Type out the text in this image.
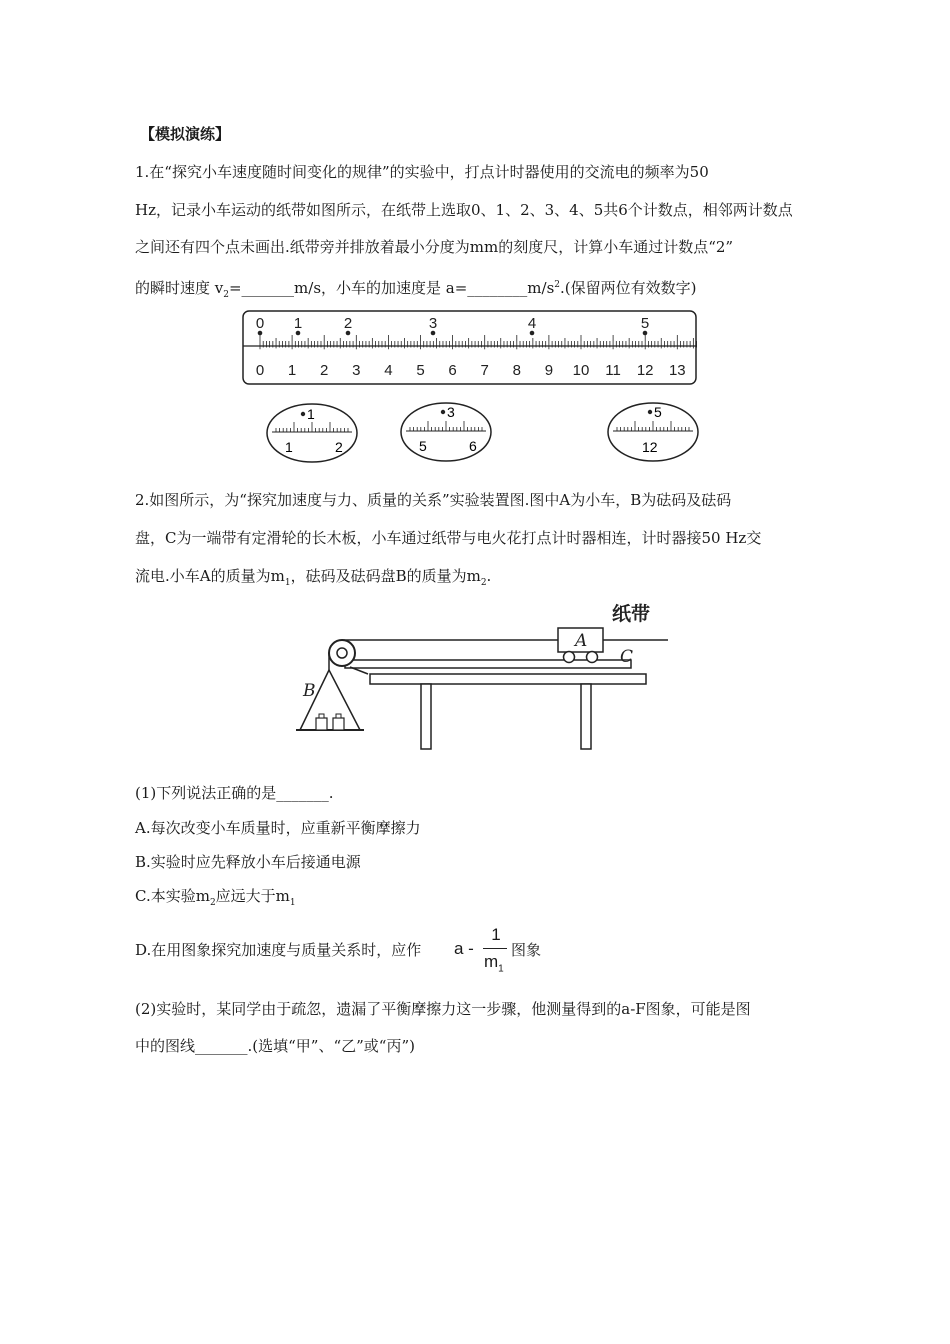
【模拟演练】
1.在“探究小车速度随时间变化的规律”的实验中，打点计时器使用的交流电的频率为50
Hz，记录小车运动的纸带如图所示，在纸带上选取0、1、2、3、4、5共6个计数点，相邻两计数点
之间还有四个点未画出.纸带旁并排放着最小分度为mm的刻度尺，计算小车通过计数点“2”
的瞬时速度 $v_2=\_\_\_\_\_\_\_m/s$，小车的加速度是 $a=\_\_\_\_\_\_\_\_m/s^2$.(保留两位有效数字)
0 1 2 3 4 5 6 7 8 9 10 11 12 13
0 1	2	3	4	5
1
1	2
3
5	6
5
12
2.如图所示，为“探究加速度与力、质量的关系”实验装置图.图中A为小车，B为砝码及砝码
盘，C为一端带有定滑轮的长木板，小车通过纸带与电火花打点计时器相连，计时器接50 Hz交
流电.小车A的质量为$m_1$，砝码及砝码盘B的质量为$m_2$.
纸带
A
C
B
(1)下列说法正确的是_______.
A.每次改变小车质量时，应重新平衡摩擦力
B.实验时应先释放小车后接通电源
C.本实验$m_2$应远大于$m_1$
D.在用图象探究加速度与质量关系时，应作 a -
1
$m_1$
图象
(2)实验时，某同学由于疏忽，遗漏了平衡摩擦力这一步骤，他测量得到的a-F图象，可能是图
中的图线_______.(选填“甲”、“乙”或“丙”)
